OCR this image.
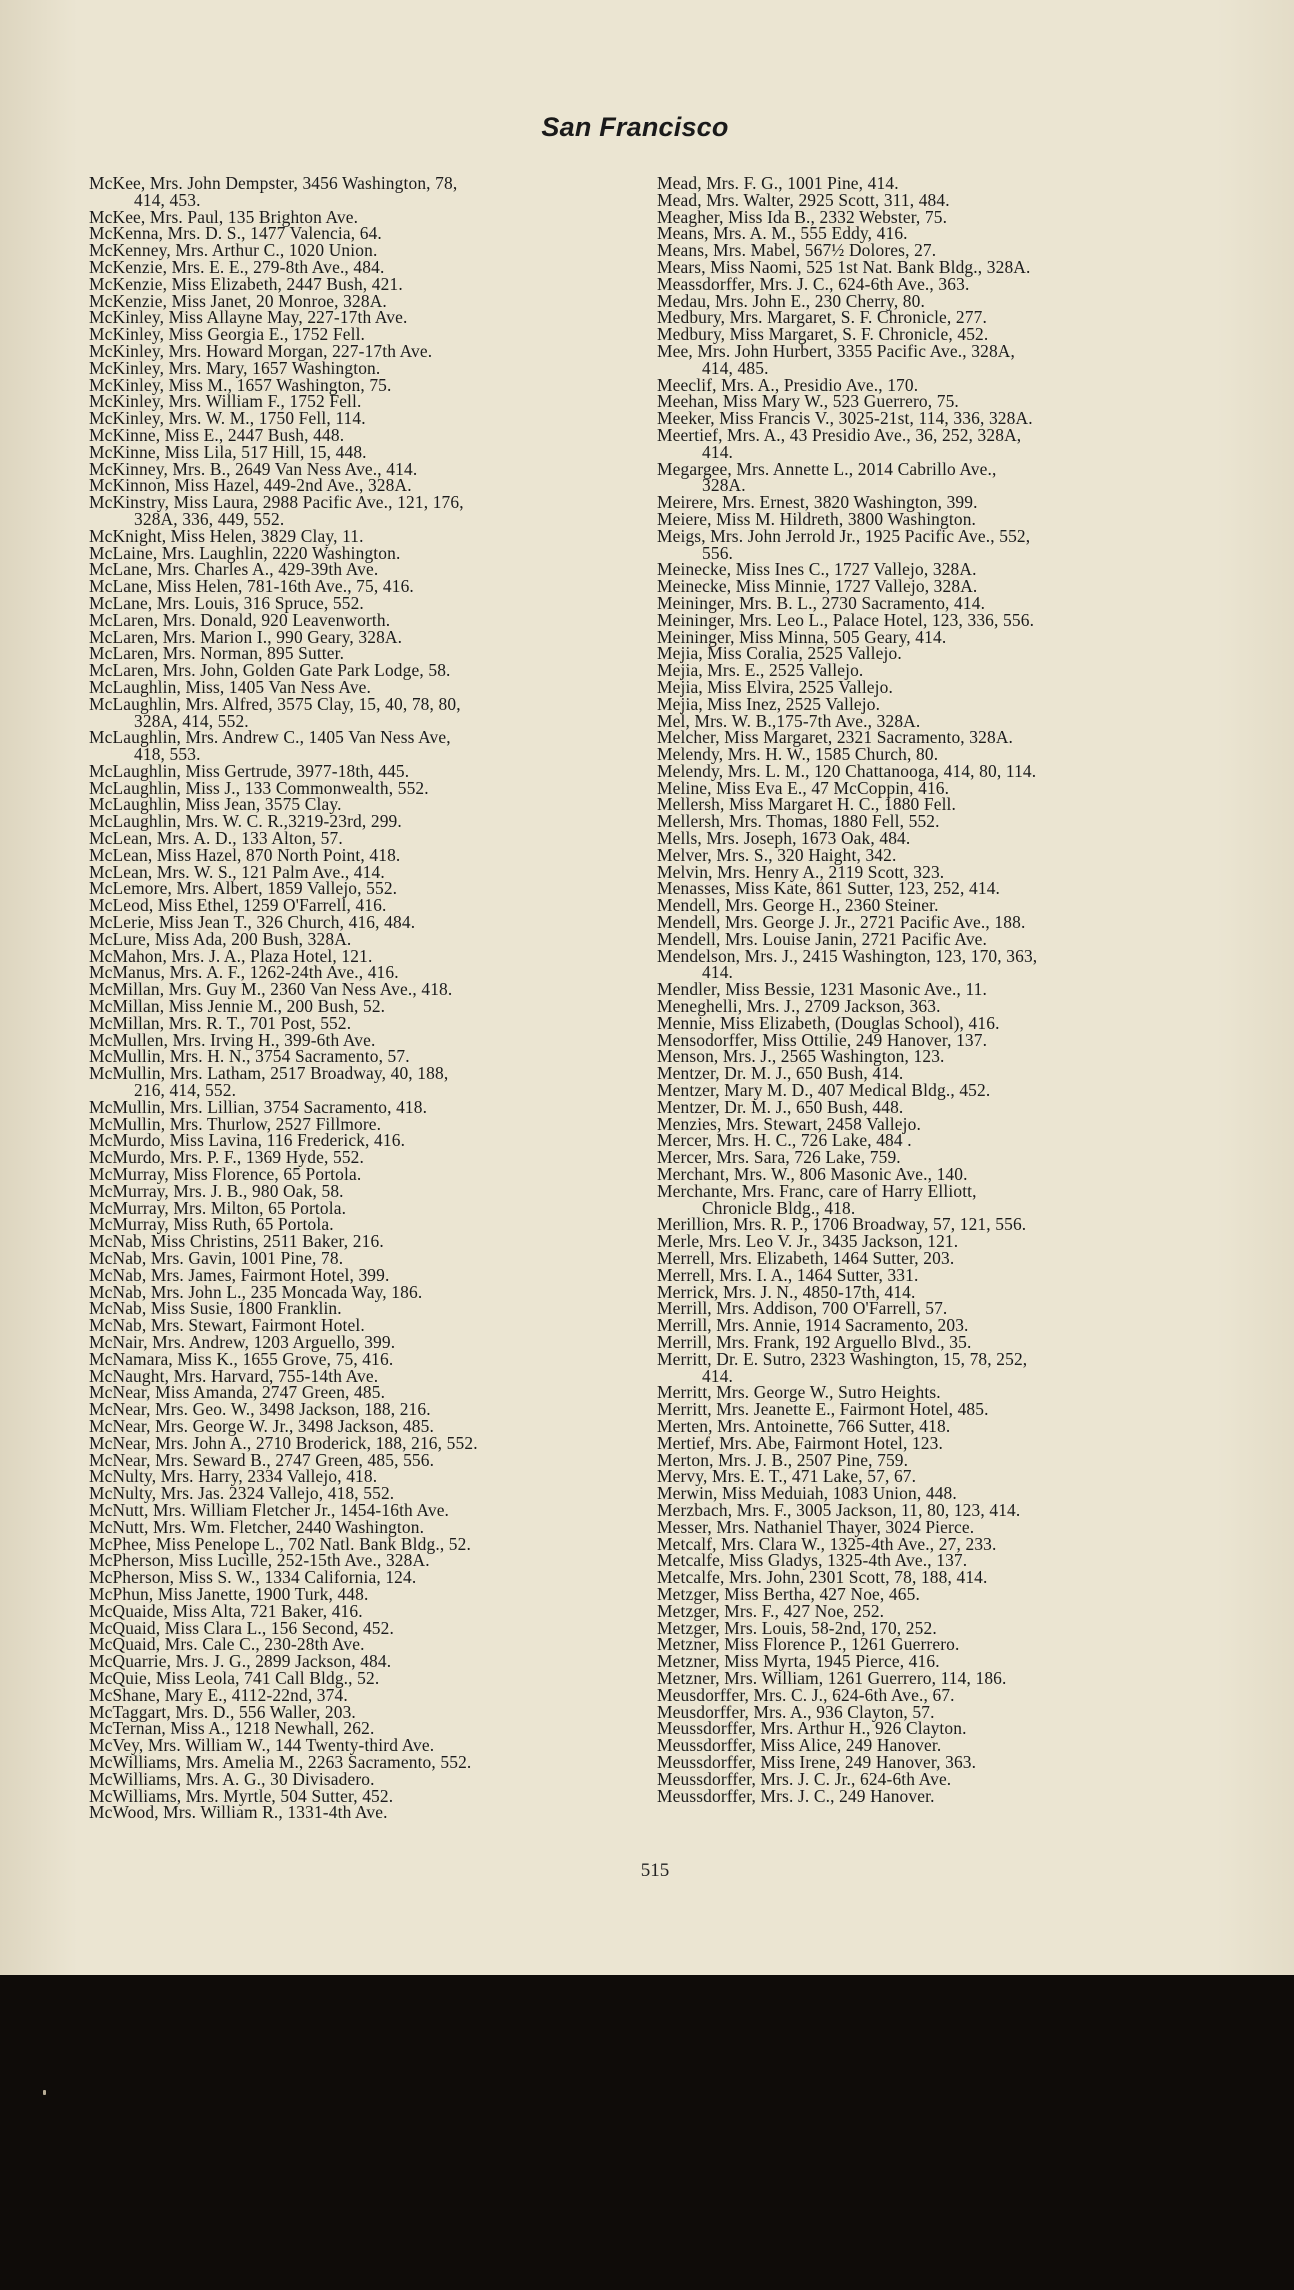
San Francisco
McKee, Mrs. John Dempster, 3456 Washington, 78,
414, 453.
McKee, Mrs. Paul, 135 Brighton Ave.
McKenna, Mrs. D. S., 1477 Valencia, 64.
McKenney, Mrs. Arthur C., 1020 Union.
McKenzie, Mrs. E. E., 279-8th Ave., 484.
McKenzie, Miss Elizabeth, 2447 Bush, 421.
McKenzie, Miss Janet, 20 Monroe, 328A.
McKinley, Miss Allayne May, 227-17th Ave.
McKinley, Miss Georgia E., 1752 Fell.
McKinley, Mrs. Howard Morgan, 227-17th Ave.
McKinley, Mrs. Mary, 1657 Washington.
McKinley, Miss M., 1657 Washington, 75.
McKinley, Mrs. William F., 1752 Fell.
McKinley, Mrs. W. M., 1750 Fell, 114.
McKinne, Miss E., 2447 Bush, 448.
McKinne, Miss Lila, 517 Hill, 15, 448.
McKinney, Mrs. B., 2649 Van Ness Ave., 414.
McKinnon, Miss Hazel, 449-2nd Ave., 328A.
McKinstry, Miss Laura, 2988 Pacific Ave., 121, 176,
328A, 336, 449, 552.
McKnight, Miss Helen, 3829 Clay, 11.
McLaine, Mrs. Laughlin, 2220 Washington.
McLane, Mrs. Charles A., 429-39th Ave.
McLane, Miss Helen, 781-16th Ave., 75, 416.
McLane, Mrs. Louis, 316 Spruce, 552.
McLaren, Mrs. Donald, 920 Leavenworth.
McLaren, Mrs. Marion I., 990 Geary, 328A.
McLaren, Mrs. Norman, 895 Sutter.
McLaren, Mrs. John, Golden Gate Park Lodge, 58.
McLaughlin, Miss, 1405 Van Ness Ave.
McLaughlin, Mrs. Alfred, 3575 Clay, 15, 40, 78, 80,
328A, 414, 552.
McLaughlin, Mrs. Andrew C., 1405 Van Ness Ave,
418, 553.
McLaughlin, Miss Gertrude, 3977-18th, 445.
McLaughlin, Miss J., 133 Commonwealth, 552.
McLaughlin, Miss Jean, 3575 Clay.
McLaughlin, Mrs. W. C. R.,3219-23rd, 299.
McLean, Mrs. A. D., 133 Alton, 57.
McLean, Miss Hazel, 870 North Point, 418.
McLean, Mrs. W. S., 121 Palm Ave., 414.
McLemore, Mrs. Albert, 1859 Vallejo, 552.
McLeod, Miss Ethel, 1259 O'Farrell, 416.
McLerie, Miss Jean T., 326 Church, 416, 484.
McLure, Miss Ada, 200 Bush, 328A.
McMahon, Mrs. J. A., Plaza Hotel, 121.
McManus, Mrs. A. F., 1262-24th Ave., 416.
McMillan, Mrs. Guy M., 2360 Van Ness Ave., 418.
McMillan, Miss Jennie M., 200 Bush, 52.
McMillan, Mrs. R. T., 701 Post, 552.
McMullen, Mrs. Irving H., 399-6th Ave.
McMullin, Mrs. H. N., 3754 Sacramento, 57.
McMullin, Mrs. Latham, 2517 Broadway, 40, 188,
216, 414, 552.
McMullin, Mrs. Lillian, 3754 Sacramento, 418.
McMullin, Mrs. Thurlow, 2527 Fillmore.
McMurdo, Miss Lavina, 116 Frederick, 416.
McMurdo, Mrs. P. F., 1369 Hyde, 552.
McMurray, Miss Florence, 65 Portola.
McMurray, Mrs. J. B., 980 Oak, 58.
McMurray, Mrs. Milton, 65 Portola.
McMurray, Miss Ruth, 65 Portola.
McNab, Miss Christins, 2511 Baker, 216.
McNab, Mrs. Gavin, 1001 Pine, 78.
McNab, Mrs. James, Fairmont Hotel, 399.
McNab, Mrs. John L., 235 Moncada Way, 186.
McNab, Miss Susie, 1800 Franklin.
McNab, Mrs. Stewart, Fairmont Hotel.
McNair, Mrs. Andrew, 1203 Arguello, 399.
McNamara, Miss K., 1655 Grove, 75, 416.
McNaught, Mrs. Harvard, 755-14th Ave.
McNear, Miss Amanda, 2747 Green, 485.
McNear, Mrs. Geo. W., 3498 Jackson, 188, 216.
McNear, Mrs. George W. Jr., 3498 Jackson, 485.
McNear, Mrs. John A., 2710 Broderick, 188, 216, 552.
McNear, Mrs. Seward B., 2747 Green, 485, 556.
McNulty, Mrs. Harry, 2334 Vallejo, 418.
McNulty, Mrs. Jas. 2324 Vallejo, 418, 552.
McNutt, Mrs. William Fletcher Jr., 1454-16th Ave.
McNutt, Mrs. Wm. Fletcher, 2440 Washington.
McPhee, Miss Penelope L., 702 Natl. Bank Bldg., 52.
McPherson, Miss Lucille, 252-15th Ave., 328A.
McPherson, Miss S. W., 1334 California, 124.
McPhun, Miss Janette, 1900 Turk, 448.
McQuaide, Miss Alta, 721 Baker, 416.
McQuaid, Miss Clara L., 156 Second, 452.
McQuaid, Mrs. Cale C., 230-28th Ave.
McQuarrie, Mrs. J. G., 2899 Jackson, 484.
McQuie, Miss Leola, 741 Call Bldg., 52.
McShane, Mary E., 4112-22nd, 374.
McTaggart, Mrs. D., 556 Waller, 203.
McTernan, Miss A., 1218 Newhall, 262.
McVey, Mrs. William W., 144 Twenty-third Ave.
McWilliams, Mrs. Amelia M., 2263 Sacramento, 552.
McWilliams, Mrs. A. G., 30 Divisadero.
McWilliams, Mrs. Myrtle, 504 Sutter, 452.
McWood, Mrs. William R., 1331-4th Ave.
Mead, Mrs. F. G., 1001 Pine, 414.
Mead, Mrs. Walter, 2925 Scott, 311, 484.
Meagher, Miss Ida B., 2332 Webster, 75.
Means, Mrs. A. M., 555 Eddy, 416.
Means, Mrs. Mabel, 567½ Dolores, 27.
Mears, Miss Naomi, 525 1st Nat. Bank Bldg., 328A.
Meassdorffer, Mrs. J. C., 624-6th Ave., 363.
Medau, Mrs. John E., 230 Cherry, 80.
Medbury, Mrs. Margaret, S. F. Chronicle, 277.
Medbury, Miss Margaret, S. F. Chronicle, 452.
Mee, Mrs. John Hurbert, 3355 Pacific Ave., 328A,
414, 485.
Meeclif, Mrs. A., Presidio Ave., 170.
Meehan, Miss Mary W., 523 Guerrero, 75.
Meeker, Miss Francis V., 3025-21st, 114, 336, 328A.
Meertief, Mrs. A., 43 Presidio Ave., 36, 252, 328A,
414.
Megargee, Mrs. Annette L., 2014 Cabrillo Ave.,
328A.
Meirere, Mrs. Ernest, 3820 Washington, 399.
Meiere, Miss M. Hildreth, 3800 Washington.
Meigs, Mrs. John Jerrold Jr., 1925 Pacific Ave., 552,
556.
Meinecke, Miss Ines C., 1727 Vallejo, 328A.
Meinecke, Miss Minnie, 1727 Vallejo, 328A.
Meininger, Mrs. B. L., 2730 Sacramento, 414.
Meininger, Mrs. Leo L., Palace Hotel, 123, 336, 556.
Meininger, Miss Minna, 505 Geary, 414.
Mejia, Miss Coralia, 2525 Vallejo.
Mejia, Mrs. E., 2525 Vallejo.
Mejia, Miss Elvira, 2525 Vallejo.
Mejia, Miss Inez, 2525 Vallejo.
Mel, Mrs. W. B.,175-7th Ave., 328A.
Melcher, Miss Margaret, 2321 Sacramento, 328A.
Melendy, Mrs. H. W., 1585 Church, 80.
Melendy, Mrs. L. M., 120 Chattanooga, 414, 80, 114.
Meline, Miss Eva E., 47 McCoppin, 416.
Mellersh, Miss Margaret H. C., 1880 Fell.
Mellersh, Mrs. Thomas, 1880 Fell, 552.
Mells, Mrs. Joseph, 1673 Oak, 484.
Melver, Mrs. S., 320 Haight, 342.
Melvin, Mrs. Henry A., 2119 Scott, 323.
Menasses, Miss Kate, 861 Sutter, 123, 252, 414.
Mendell, Mrs. George H., 2360 Steiner.
Mendell, Mrs. George J. Jr., 2721 Pacific Ave., 188.
Mendell, Mrs. Louise Janin, 2721 Pacific Ave.
Mendelson, Mrs. J., 2415 Washington, 123, 170, 363,
414.
Mendler, Miss Bessie, 1231 Masonic Ave., 11.
Meneghelli, Mrs. J., 2709 Jackson, 363.
Mennie, Miss Elizabeth, (Douglas School), 416.
Mensodorffer, Miss Ottilie, 249 Hanover, 137.
Menson, Mrs. J., 2565 Washington, 123.
Mentzer, Dr. M. J., 650 Bush, 414.
Mentzer, Mary M. D., 407 Medical Bldg., 452.
Mentzer, Dr. M. J., 650 Bush, 448.
Menzies, Mrs. Stewart, 2458 Vallejo.
Mercer, Mrs. H. C., 726 Lake, 484 .
Mercer, Mrs. Sara, 726 Lake, 759.
Merchant, Mrs. W., 806 Masonic Ave., 140.
Merchante, Mrs. Franc, care of Harry Elliott,
Chronicle Bldg., 418.
Merillion, Mrs. R. P., 1706 Broadway, 57, 121, 556.
Merle, Mrs. Leo V. Jr., 3435 Jackson, 121.
Merrell, Mrs. Elizabeth, 1464 Sutter, 203.
Merrell, Mrs. I. A., 1464 Sutter, 331.
Merrick, Mrs. J. N., 4850-17th, 414.
Merrill, Mrs. Addison, 700 O'Farrell, 57.
Merrill, Mrs. Annie, 1914 Sacramento, 203.
Merrill, Mrs. Frank, 192 Arguello Blvd., 35.
Merritt, Dr. E. Sutro, 2323 Washington, 15, 78, 252,
414.
Merritt, Mrs. George W., Sutro Heights.
Merritt, Mrs. Jeanette E., Fairmont Hotel, 485.
Merten, Mrs. Antoinette, 766 Sutter, 418.
Mertief, Mrs. Abe, Fairmont Hotel, 123.
Merton, Mrs. J. B., 2507 Pine, 759.
Mervy, Mrs. E. T., 471 Lake, 57, 67.
Merwin, Miss Meduiah, 1083 Union, 448.
Merzbach, Mrs. F., 3005 Jackson, 11, 80, 123, 414.
Messer, Mrs. Nathaniel Thayer, 3024 Pierce.
Metcalf, Mrs. Clara W., 1325-4th Ave., 27, 233.
Metcalfe, Miss Gladys, 1325-4th Ave., 137.
Metcalfe, Mrs. John, 2301 Scott, 78, 188, 414.
Metzger, Miss Bertha, 427 Noe, 465.
Metzger, Mrs. F., 427 Noe, 252.
Metzger, Mrs. Louis, 58-2nd, 170, 252.
Metzner, Miss Florence P., 1261 Guerrero.
Metzner, Miss Myrta, 1945 Pierce, 416.
Metzner, Mrs. William, 1261 Guerrero, 114, 186.
Meusdorffer, Mrs. C. J., 624-6th Ave., 67.
Meusdorffer, Mrs. A., 936 Clayton, 57.
Meussdorffer, Mrs. Arthur H., 926 Clayton.
Meussdorffer, Miss Alice, 249 Hanover.
Meussdorffer, Miss Irene, 249 Hanover, 363.
Meussdorffer, Mrs. J. C. Jr., 624-6th Ave.
Meussdorffer, Mrs. J. C., 249 Hanover.
515
